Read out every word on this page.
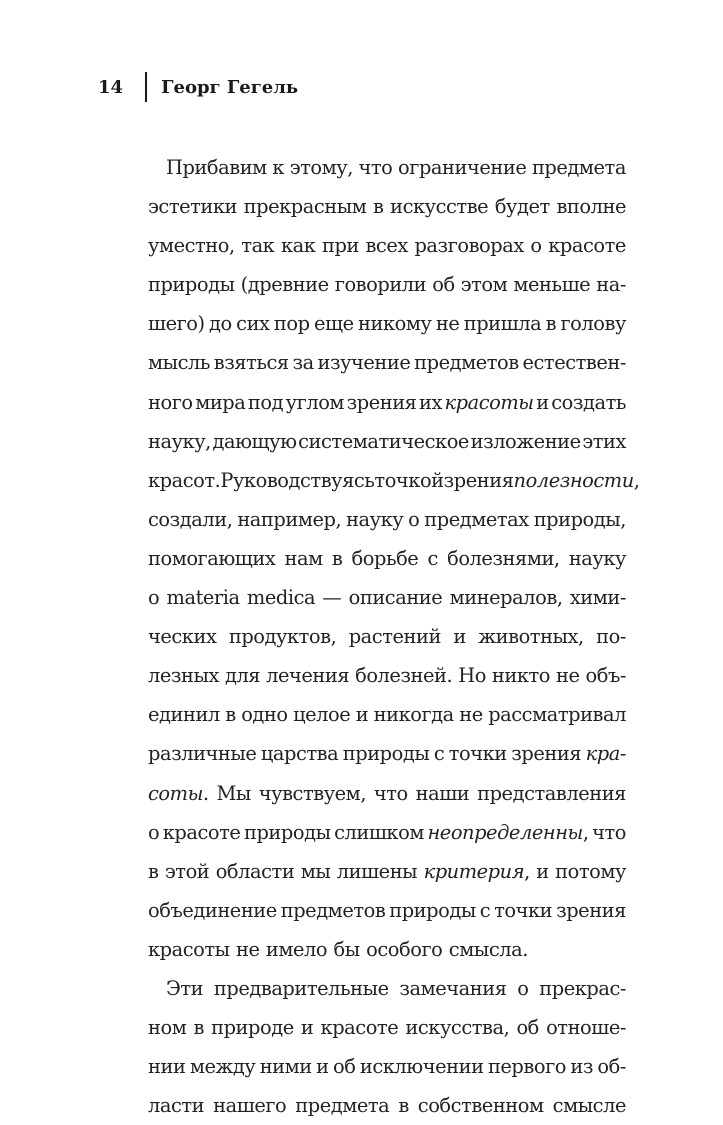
14 Георг Гегель
Прибавим к этому, что ограничение предмета
эстетики прекрасным в искусстве будет вполне
уместно, так как при всех разговорах о красоте
природы (древние говорили об этом меньше на-
шего) до сих пор еще никому не пришла в голову
мысль взяться за изучение предметов естествен-
ного мира под углом зрения их красоты и создать
науку, дающую систематическое изложение этих
красот. Руководствуясь точкой зрения полезности,
создали, например, науку о предметах природы,
помогающих нам в борьбе с болезнями, науку
о materia medica — описание минералов, хими-
ческих продуктов, растений и животных, по-
лезных для лечения болезней. Но никто не объ-
единил в одно целое и никогда не рассматривал
различные царства природы с точки зрения кра-
соты. Мы чувствуем, что наши представления
о красоте природы слишком неопределенны, что
в этой области мы лишены критерия, и потому
объединение предметов природы с точки зрения
красоты не имело бы особого смысла.
Эти предварительные замечания о прекрас-
ном в природе и красоте искусства, об отноше-
нии между ними и об исключении первого из об-
ласти нашего предмета в собственном смысле
